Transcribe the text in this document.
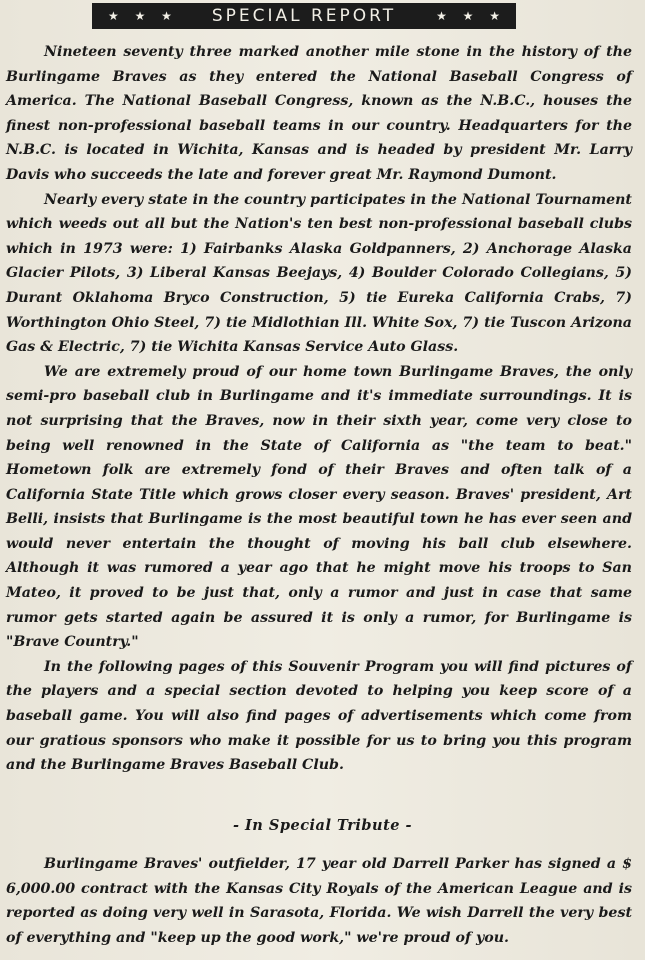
★ ★ ★ SPECIAL REPORT	★ ★ ★

Nineteen seventy three marked another mile stone in the history of the Burlingame Braves as they entered the National Baseball Congress of America. The National Baseball Congress, known as the N.B.C., houses the finest non-professional baseball teams in our country. Headquarters for the N.B.C. is located in Wichita, Kansas and is headed by president Mr. Larry Davis who succeeds the late and forever great Mr. Raymond Dumont.

Nearly every state in the country participates in the National Tournament which weeds out all but the Nation's ten best non-professional baseball clubs which in 1973 were: 1) Fairbanks Alaska Goldpanners, 2) Anchorage Alaska Glacier Pilots, 3) Liberal Kansas Beejays, 4) Boulder Colorado Collegians, 5) Durant Oklahoma Bryco Construction, 5) tie Eureka California Crabs, 7) Worthington Ohio Steel, 7) tie Midlothian Ill. White Sox, 7) tie Tuscon Arizona Gas & Electric, 7) tie Wichita Kansas Service Auto Glass.

We are extremely proud of our home town Burlingame Braves, the only semi-pro baseball club in Burlingame and it's immediate surroundings. It is not surprising that the Braves, now in their sixth year, come very close to being well renowned in the State of California as "the team to beat." Hometown folk are extremely fond of their Braves and often talk of a California State Title which grows closer every season. Braves' president, Art Belli, insists that Burlingame is the most beautiful town he has ever seen and would never entertain the thought of moving his ball club elsewhere. Although it was rumored a year ago that he might move his troops to San Mateo, it proved to be just that, only a rumor and just in case that same rumor gets started again be assured it is only a rumor, for Burlingame is "Brave Country."

In the following pages of this Souvenir Program you will find pictures of the players and a special section devoted to helping you keep score of a baseball game. You will also find pages of advertisements which come from our gratious sponsors who make it possible for us to bring you this program and the Burlingame Braves Baseball Club.

- In Special Tribute -

Burlingame Braves' outfielder, 17 year old Darrell Parker has signed a $ 6,000.00 contract with the Kansas City Royals of the American League and is reported as doing very well in Sarasota, Florida. We wish Darrell the very best of everything and "keep up the good work," we're proud of you.
